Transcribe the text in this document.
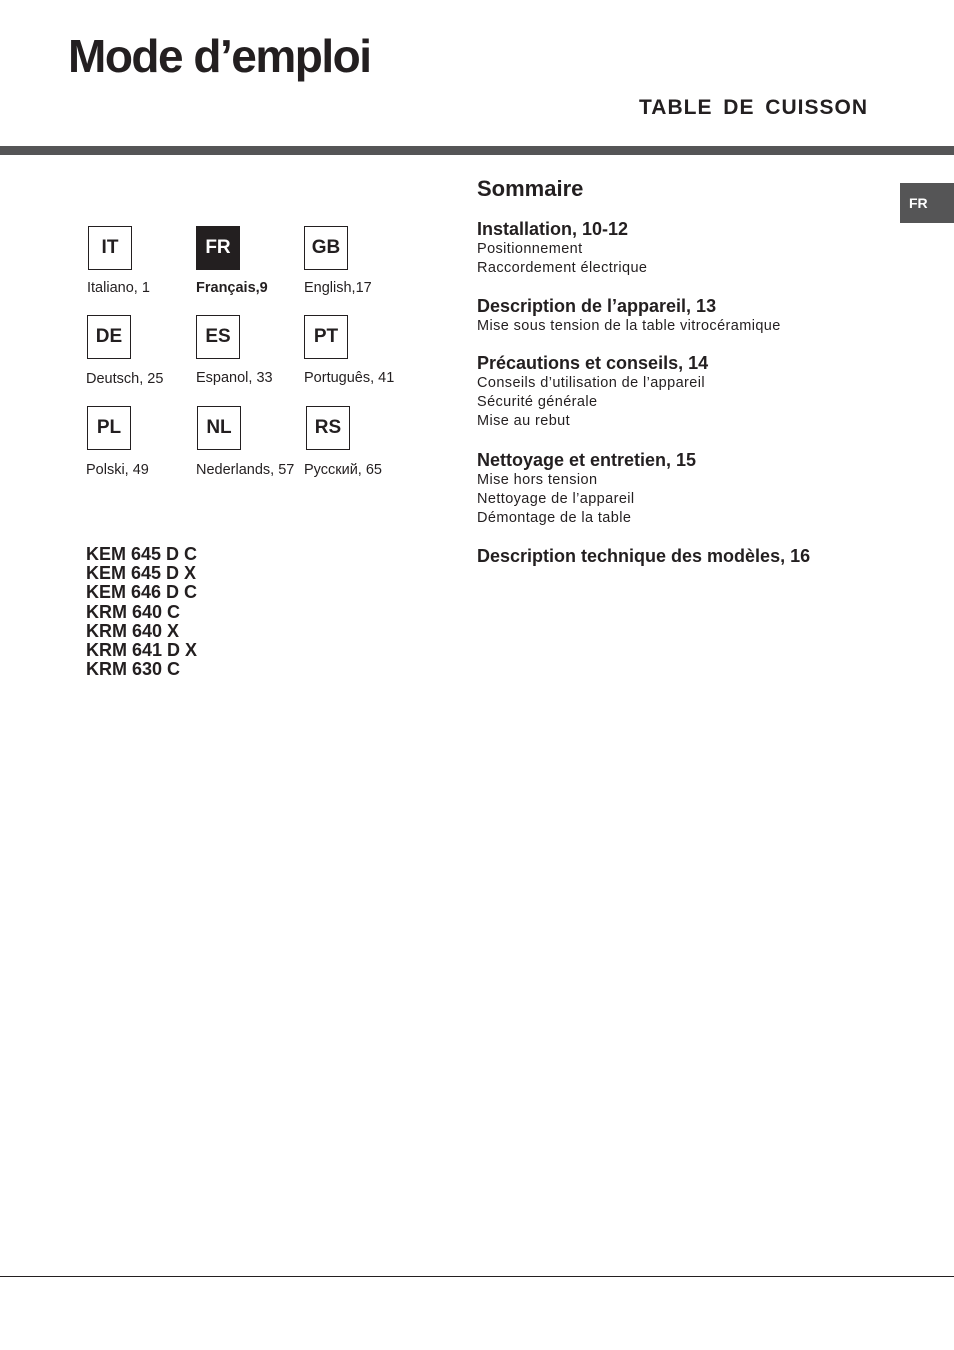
Mode d’emploi
TABLE DE CUISSON
FR
IT
Italiano, 1
FR
Français,9
GB
English,17
DE
Deutsch, 25
ES
Espanol, 33
PT
Português, 41
PL
Polski, 49
NL
Nederlands, 57
RS
Русский, 65
KEM 645 D C
KEM 645 D X
KEM 646 D C
KRM 640 C
KRM 640 X
KRM 641 D X
KRM 630 C
Sommaire
Installation, 10-12
Positionnement
Raccordement électrique
Description de l’appareil, 13
Mise sous tension de la table vitrocéramique
Précautions et conseils, 14
Conseils d’utilisation de l’appareil
Sécurité générale
Mise au rebut
Nettoyage et entretien, 15
Mise hors tension
Nettoyage de l’appareil
Démontage de la table
Description technique des modèles, 16
